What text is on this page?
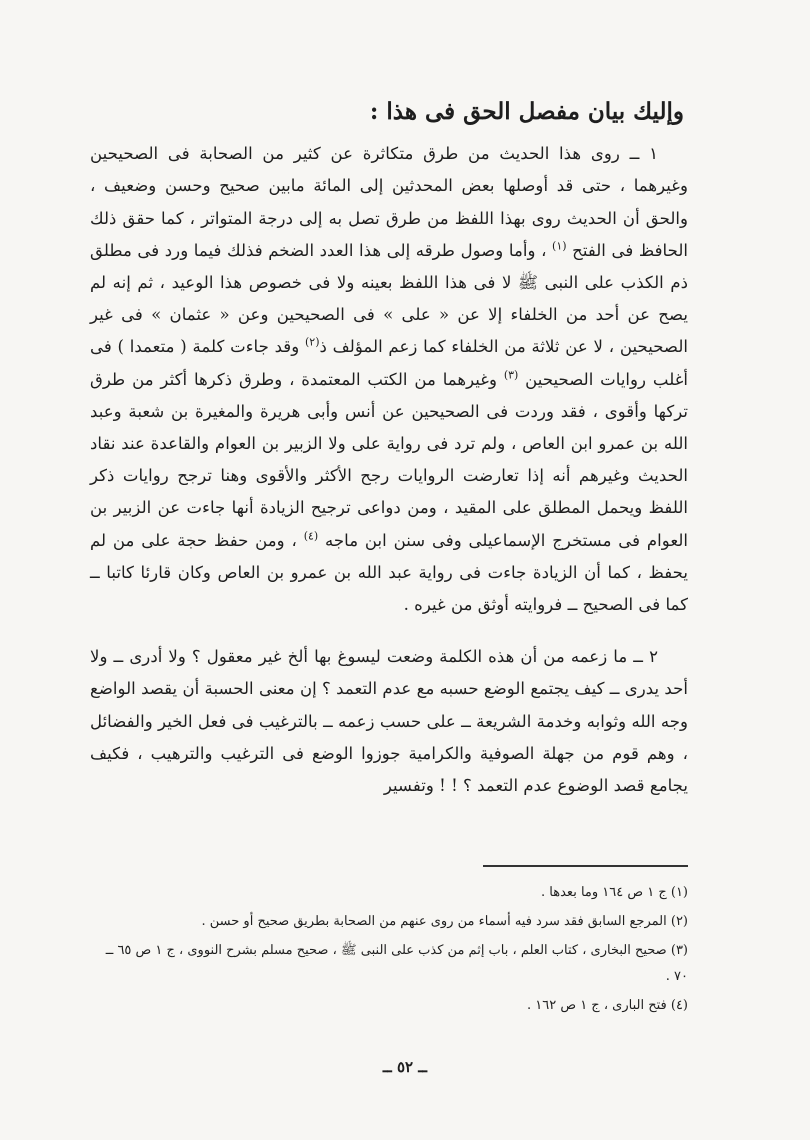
وإليك بيان مفصل الحق فى هذا :

١ ــ روى هذا الحديث من طرق متكاثرة عن كثير من الصحابة فى الصحيحين وغيرهما ، حتى قد أوصلها بعض المحدثين إلى المائة مابين صحيح وحسن وضعيف ، والحق أن الحديث روى بهذا اللفظ من طرق تصل به إلى درجة المتواتر ، كما حقق ذلك الحافظ فى الفتح $^{(١)}$ ، وأما وصول طرقه إلى هذا العدد الضخم فذلك فيما ورد فى مطلق ذم الكذب على النبى ﷺ لا فى هذا اللفظ بعينه ولا فى خصوص هذا الوعيد ، ثم إنه لم يصح عن أحد من الخلفاء إلا عن « على » فى الصحيحين وعن « عثمان » فى غير الصحيحين ، لا عن ثلاثة من الخلفاء كما زعم المؤلف ذ$^{(٢)}$ وقد جاءت كلمة ( متعمدا ) فى أغلب روايات الصحيحين $^{(٣)}$ وغيرهما من الكتب المعتمدة ، وطرق ذكرها أكثر من طرق تركها وأقوى ، فقد وردت فى الصحيحين عن أنس وأبى هريرة والمغيرة بن شعبة وعبد الله بن عمرو ابن العاص ، ولم ترد فى رواية على ولا الزبير بن العوام والقاعدة عند نقاد الحديث وغيرهم أنه إذا تعارضت الروايات رجح الأكثر والأقوى وهنا ترجح روايات ذكر اللفظ ويحمل المطلق على المقيد ، ومن دواعى ترجيح الزيادة أنها جاءت عن الزبير بن العوام فى مستخرج الإسماعيلى وفى سنن ابن ماجه $^{(٤)}$ ، ومن حفظ حجة على من لم يحفظ ، كما أن الزيادة جاءت فى رواية عبد الله بن عمرو بن العاص وكان قارئا كاتبا ــ كما فى الصحيح ــ فروايته أوثق من غيره .

٢ ــ ما زعمه من أن هذه الكلمة وضعت ليسوغ بها ألخ غير معقول ؟ ولا أدرى ــ ولا أحد يدرى ــ كيف يجتمع الوضع حسبه مع عدم التعمد ؟ إن معنى الحسبة أن يقصد الواضع وجه الله وثوابه وخدمة الشريعة ــ على حسب زعمه ــ بالترغيب فى فعل الخير والفضائل ، وهم قوم من جهلة الصوفية والكرامية جوزوا الوضع فى الترغيب والترهيب ، فكيف يجامع قصد الوضوع عدم التعمد ؟ ! ! وتفسير

(١) ج ١ ص ١٦٤ وما بعدها .

(٢) المرجع السابق فقد سرد فيه أسماء من روى عنهم من الصحابة بطريق صحيح أو حسن .

(٣) صحيح البخارى ، كتاب العلم ، باب إثم من كذب على النبى ﷺ ، صحيح مسلم بشرح النووى ، ج ١ ص ٦٥ ــ ٧٠ .

(٤) فتح البارى ، ج ١ ص ١٦٢ .

ــ ٥٢ ــ
